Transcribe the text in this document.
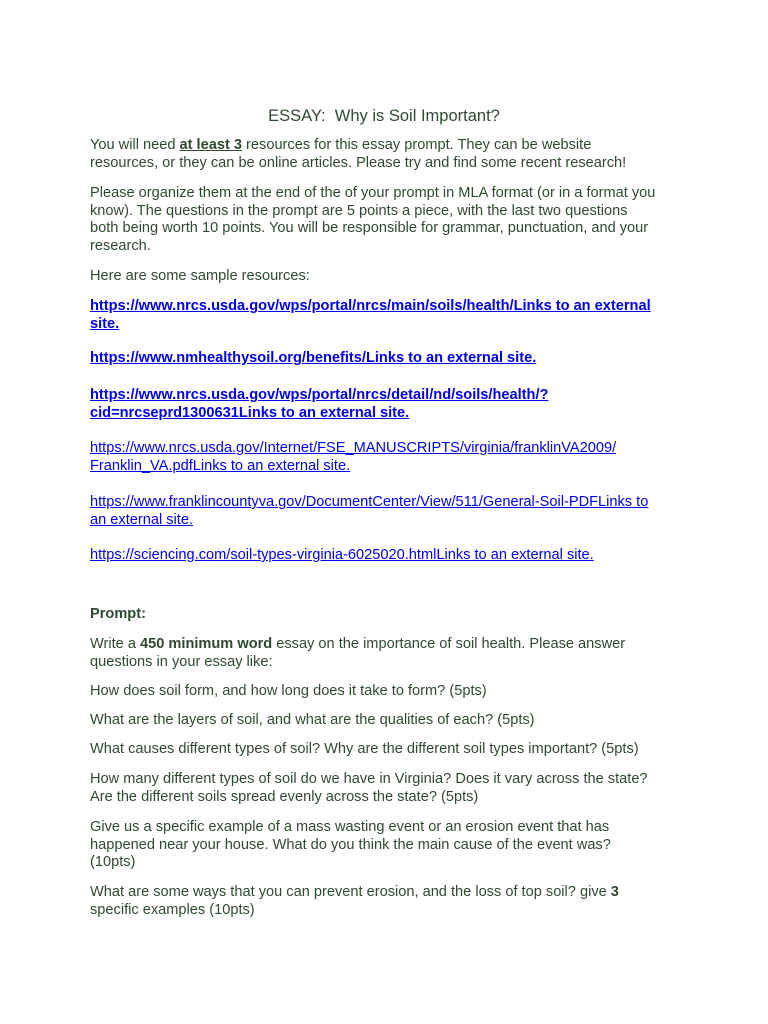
ESSAY:  Why is Soil Important?
You will need at least 3 resources for this essay prompt. They can be website
resources, or they can be online articles. Please try and find some recent research!
Please organize them at the end of the of your prompt in MLA format (or in a format you
know). The questions in the prompt are 5 points a piece, with the last two questions
both being worth 10 points. You will be responsible for grammar, punctuation, and your
research.
Here are some sample resources:
https://www.nrcs.usda.gov/wps/portal/nrcs/main/soils/health/Links to an external
site.
https://www.nmhealthysoil.org/benefits/Links to an external site.
https://www.nrcs.usda.gov/wps/portal/nrcs/detail/nd/soils/health/?
cid=nrcseprd1300631Links to an external site.
https://www.nrcs.usda.gov/Internet/FSE_MANUSCRIPTS/virginia/franklinVA2009/
Franklin_VA.pdfLinks to an external site.
https://www.franklincountyva.gov/DocumentCenter/View/511/General-Soil-PDFLinks to
an external site.
https://sciencing.com/soil-types-virginia-6025020.htmlLinks to an external site.
Prompt:
Write a 450 minimum word essay on the importance of soil health. Please answer
questions in your essay like:
How does soil form, and how long does it take to form? (5pts)
What are the layers of soil, and what are the qualities of each? (5pts)
What causes different types of soil? Why are the different soil types important? (5pts)
How many different types of soil do we have in Virginia? Does it vary across the state?
Are the different soils spread evenly across the state? (5pts)
Give us a specific example of a mass wasting event or an erosion event that has
happened near your house. What do you think the main cause of the event was?
(10pts)
What are some ways that you can prevent erosion, and the loss of top soil? give 3
specific examples (10pts)
